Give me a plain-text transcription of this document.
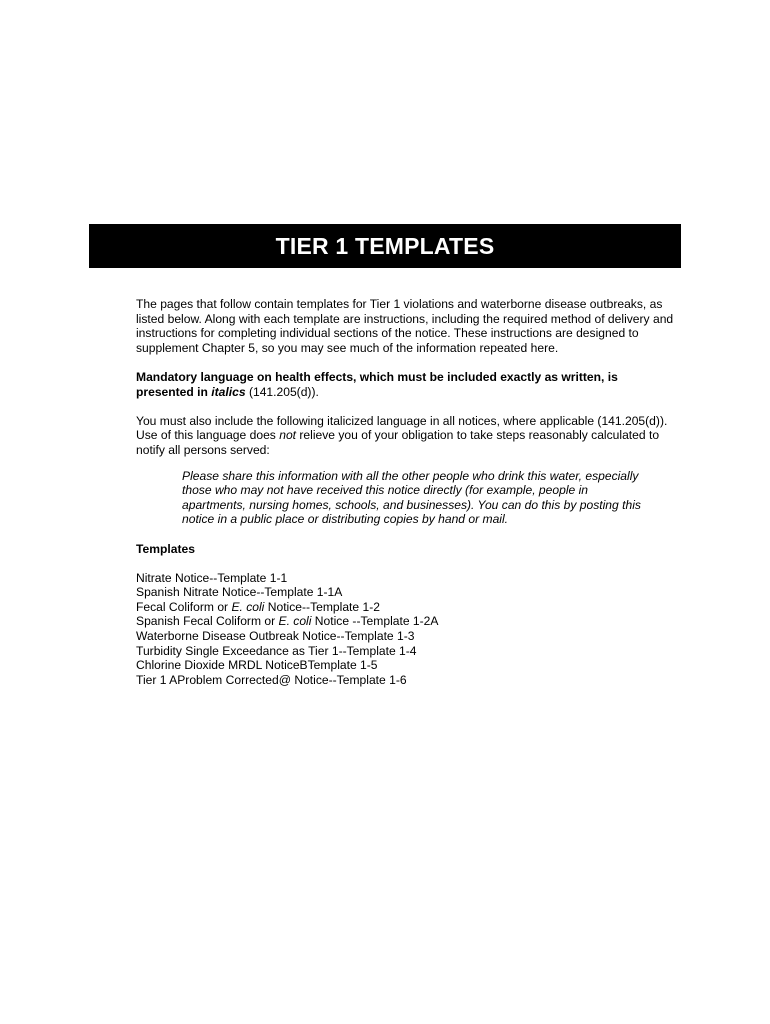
TIER 1 TEMPLATES

The pages that follow contain templates for Tier 1 violations and waterborne disease outbreaks, as listed below. Along with each template are instructions, including the required method of delivery and instructions for completing individual sections of the notice. These instructions are designed to supplement Chapter 5, so you may see much of the information repeated here.

Mandatory language on health effects, which must be included exactly as written, is presented in italics (141.205(d)).

You must also include the following italicized language in all notices, where applicable (141.205(d)). Use of this language does not relieve you of your obligation to take steps reasonably calculated to notify all persons served:

Please share this information with all the other people who drink this water, especially those who may not have received this notice directly (for example, people in apartments, nursing homes, schools, and businesses). You can do this by posting this notice in a public place or distributing copies by hand or mail.

Templates

Nitrate Notice--Template 1-1
Spanish Nitrate Notice--Template 1-1A
Fecal Coliform or E. coli Notice--Template 1-2
Spanish Fecal Coliform or E. coli Notice --Template 1-2A
Waterborne Disease Outbreak Notice--Template 1-3
Turbidity Single Exceedance as Tier 1--Template 1-4
Chlorine Dioxide MRDL NoticeBTemplate 1-5
Tier 1 AProblem Corrected@ Notice--Template 1-6
